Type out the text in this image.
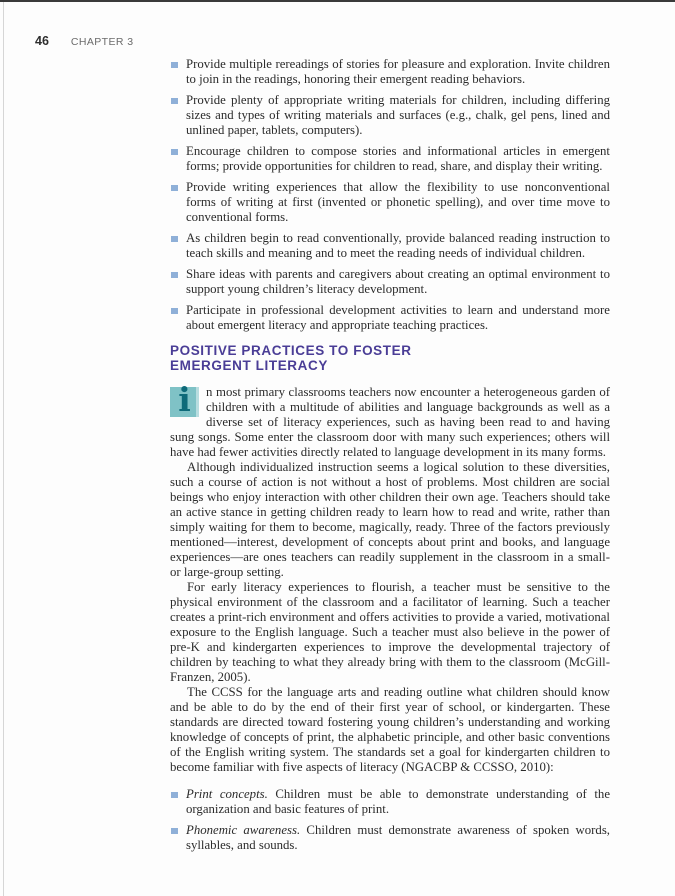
46 CHAPTER 3
Provide multiple rereadings of stories for pleasure and exploration. Invite children to join in the readings, honoring their emergent reading behaviors.
Provide plenty of appropriate writing materials for children, including differing sizes and types of writing materials and surfaces (e.g., chalk, gel pens, lined and unlined paper, tablets, computers).
Encourage children to compose stories and informational articles in emergent forms; provide opportunities for children to read, share, and display their writing.
Provide writing experiences that allow the flexibility to use nonconventional forms of writing at first (invented or phonetic spelling), and over time move to conventional forms.
As children begin to read conventionally, provide balanced reading instruction to teach skills and meaning and to meet the reading needs of individual children.
Share ideas with parents and caregivers about creating an optimal environment to support young children’s literacy development.
Participate in professional development activities to learn and understand more about emergent literacy and appropriate teaching practices.
POSITIVE PRACTICES TO FOSTER
EMERGENT LITERACY

i	n most primary classrooms teachers now encounter a heterogeneous garden of children with a multitude of abilities and language backgrounds as well as a diverse set of literacy experiences, such as having been read to and having sung songs. Some enter the classroom door with many such experiences; others will have had fewer activities directly related to language development in its many forms.

Although individualized instruction seems a logical solution to these diversities, such a course of action is not without a host of problems. Most children are social beings who enjoy interaction with other children their own age. Teachers should take an active stance in getting children ready to learn how to read and write, rather than simply waiting for them to become, magically, ready. Three of the factors previously mentioned—interest, development of concepts about print and books, and language experiences—are ones teachers can readily supplement in the classroom in a small- or large-group setting.

For early literacy experiences to flourish, a teacher must be sensitive to the physical environment of the classroom and a facilitator of learning. Such a teacher creates a print-rich environment and offers activities to provide a varied, motivational exposure to the English language. Such a teacher must also believe in the power of pre-K and kindergarten experiences to improve the developmental trajectory of children by teaching to what they already bring with them to the classroom (McGill-Franzen, 2005).

The CCSS for the language arts and reading outline what children should know and be able to do by the end of their first year of school, or kindergarten. These standards are directed toward fostering young children’s understanding and working knowledge of concepts of print, the alphabetic principle, and other basic conventions of the English writing system. The standards set a goal for kindergarten children to become familiar with five aspects of literacy (NGACBP & CCSSO, 2010):

Print concepts. Children must be able to demonstrate understanding of the organization and basic features of print.
Phonemic awareness. Children must demonstrate awareness of spoken words, syllables, and sounds.
